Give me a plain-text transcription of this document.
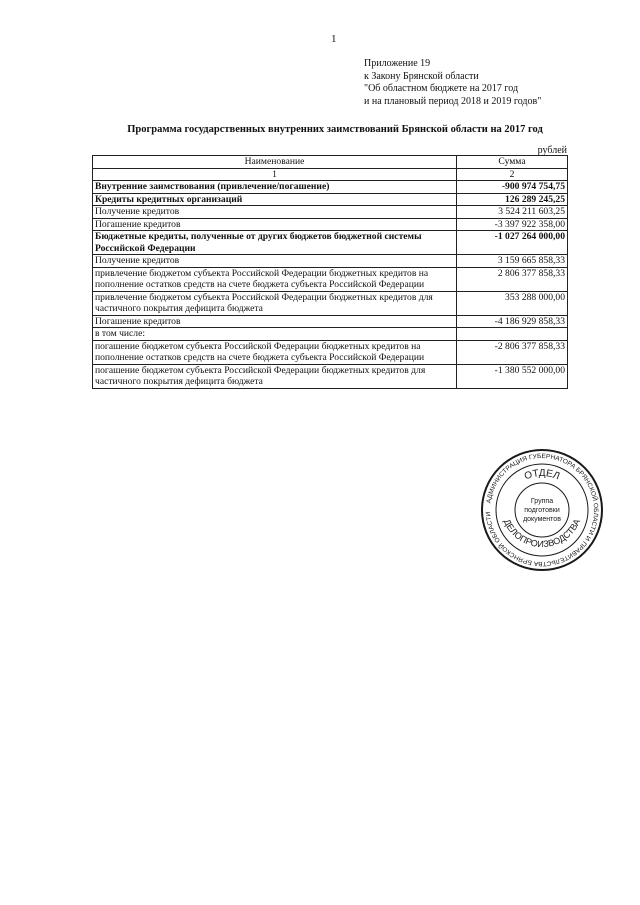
1
Приложение 19
к Закону Брянской области
"Об областном бюджете на 2017 год
и на плановый период 2018 и 2019 годов"
Программа государственных внутренних заимствований Брянской области на 2017 год
рублей
Наименование	Сумма
1	2
Внутренние заимствования (привлечение/погашение)	-900 974 754,75
Кредиты кредитных организаций	126 289 245,25
Получение кредитов	3 524 211 603,25
Погашение кредитов	-3 397 922 358,00
Бюджетные кредиты, полученные от других бюджетов бюджетной системы Российской Федерации	-1 027 264 000,00
Получение кредитов	3 159 665 858,33
привлечение бюджетом субъекта Российской Федерации бюджетных кредитов на пополнение остатков средств на счете бюджета субъекта Российской Федерации	2 806 377 858,33
привлечение бюджетом субъекта Российской Федерации бюджетных кредитов для частичного покрытия дефицита бюджета	353 288 000,00
Погашение кредитов	-4 186 929 858,33
в том числе:	
погашение бюджетом субъекта Российской Федерации бюджетных кредитов на пополнение остатков средств на счете бюджета субъекта Российской Федерации	-2 806 377 858,33
погашение бюджетом субъекта Российской Федерации бюджетных кредитов для частичного покрытия дефицита бюджета	-1 380 552 000,00
АДМИНИСТРАЦИЯ ГУБЕРНАТОРА БРЯНСКОЙ ОБЛАСТИ И ПРАВИТЕЛЬСТВА БРЯНСКОЙ ОБЛАСТИ
ОТДЕЛ
ДЕЛОПРОИЗВОДСТВА
Группа
подготовки
документов
